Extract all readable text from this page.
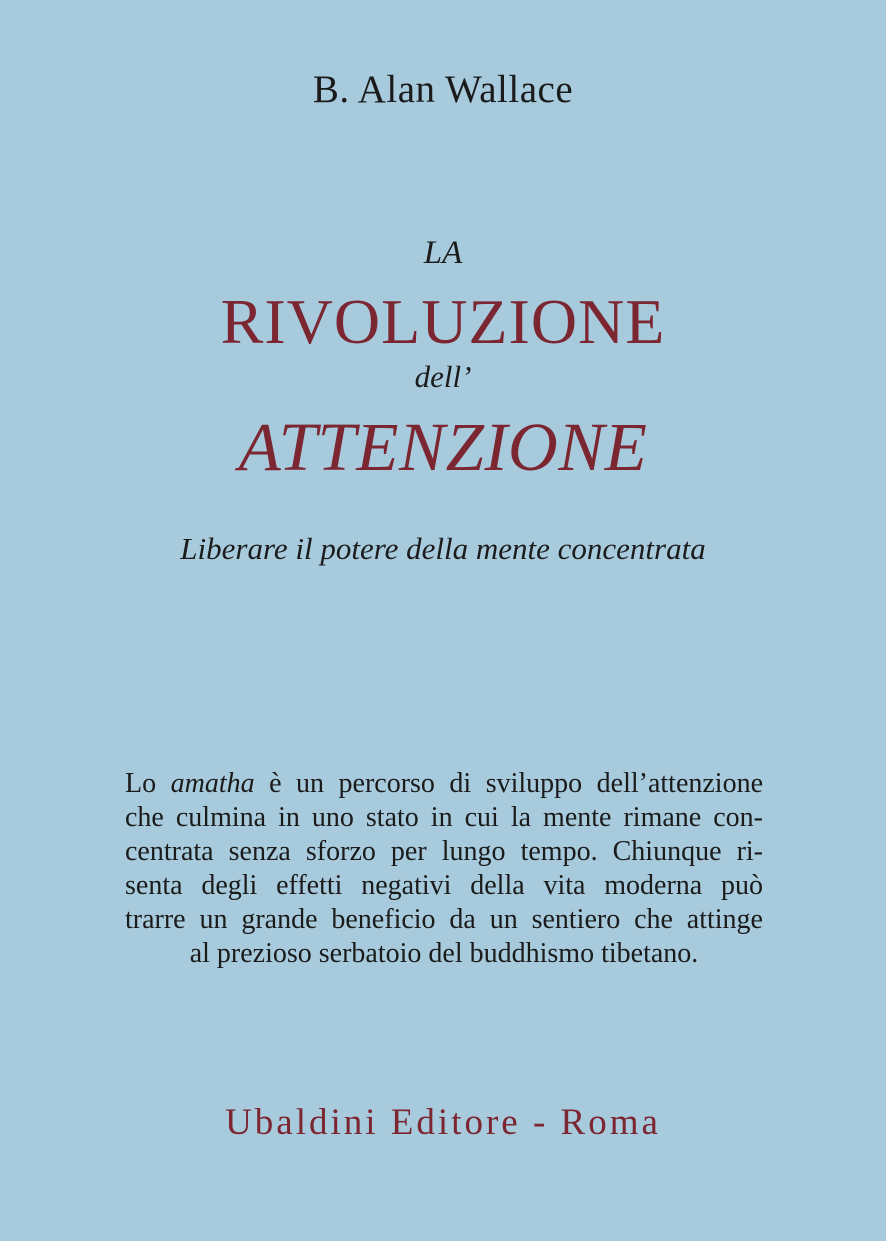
B. Alan Wallace
LA
RIVOLUZIONE
dell’
ATTENZIONE
Liberare il potere della mente concentrata
Lo amatha è un percorso di sviluppo dell’attenzione
che culmina in uno stato in cui la mente rimane con-
centrata senza sforzo per lungo tempo. Chiunque ri-
senta degli effetti negativi della vita moderna può
trarre un grande beneficio da un sentiero che attinge
al prezioso serbatoio del buddhismo tibetano.
Ubaldini Editore - Roma
